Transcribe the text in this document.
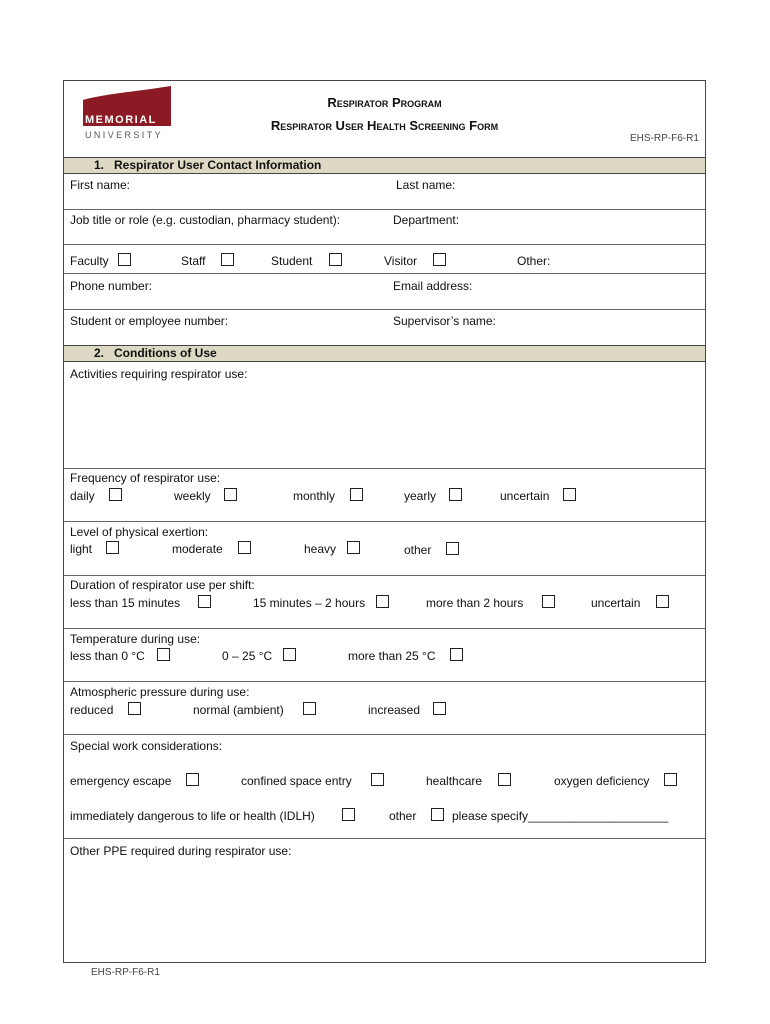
MEMORIAL
UNIVERSITY
Respirator Program
Respirator User Health Screening Form
EHS-RP-F6-R1
1.   Respirator User Contact Information
First name:	Last name:
Job title or role (e.g. custodian, pharmacy student):	Department:
Faculty	Staff	Student	Visitor	Other:
Phone number:	Email address:
Student or employee number:	Supervisor’s name:
2.   Conditions of Use
Activities requiring respirator use:
Frequency of respirator use:
daily	weekly	monthly	yearly	uncertain
Level of physical exertion:
light	moderate	heavy	other
Duration of respirator use per shift:
less than 15 minutes	15 minutes – 2 hours	more than 2 hours	uncertain
Temperature during use:
less than 0 °C	0 – 25 °C	more than 25 °C
Atmospheric pressure during use:
reduced	normal (ambient)	increased
Special work considerations:
emergency escape	confined space entry	healthcare	oxygen deficiency
immediately dangerous to life or health (IDLH)	other	please specify_____________________
Other PPE required during respirator use:
EHS-RP-F6-R1
